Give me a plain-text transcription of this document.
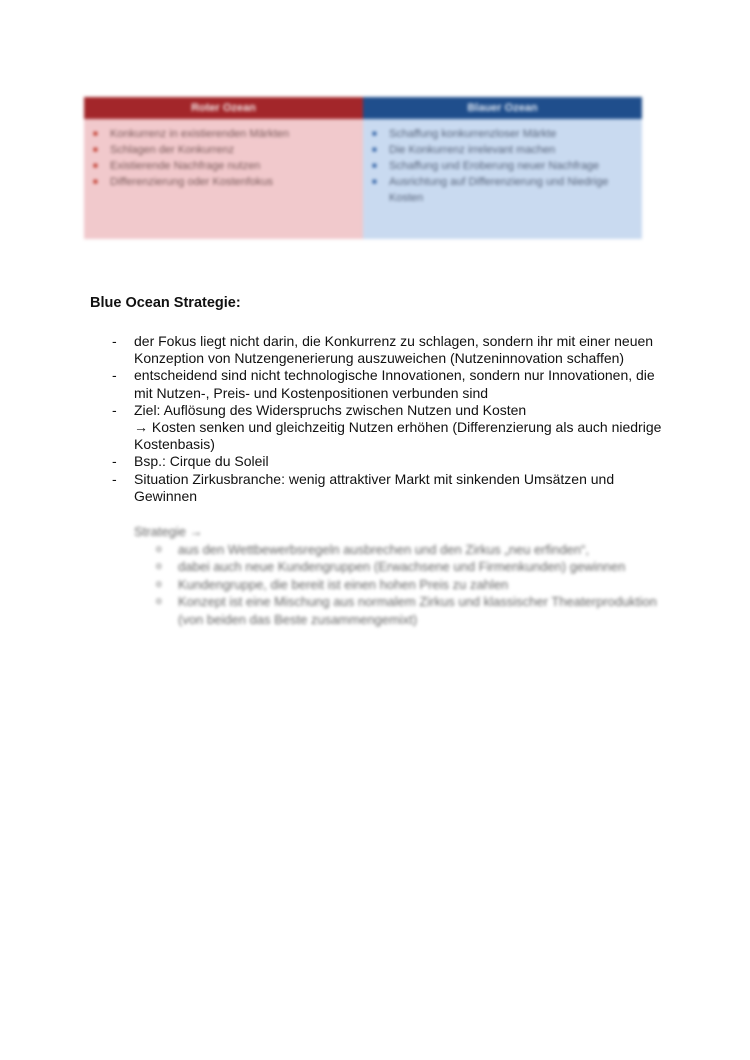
Roter Ozean
■ Konkurrenz in existierenden Märkten
■ Schlagen der Konkurrenz
■ Existierende Nachfrage nutzen
■ Differenzierung oder Kostenfokus
Blauer Ozean
■ Schaffung konkurrenzloser Märkte
■ Die Konkurrenz irrelevant machen
■ Schaffung und Eroberung neuer Nachfrage
■ Ausrichtung auf Differenzierung und Niedrige Kosten
Blue Ocean Strategie:
- der Fokus liegt nicht darin, die Konkurrenz zu schlagen, sondern ihr mit einer neuen Konzeption von Nutzengenerierung auszuweichen (Nutzeninnovation schaffen)
- entscheidend sind nicht technologische Innovationen, sondern nur Innovationen, die mit Nutzen-, Preis- und Kostenpositionen verbunden sind
- Ziel: Auflösung des Widerspruchs zwischen Nutzen und Kosten
→ Kosten senken und gleichzeitig Nutzen erhöhen (Differenzierung als auch niedrige Kostenbasis)
- Bsp.: Cirque du Soleil
- Situation Zirkusbranche: wenig attraktiver Markt mit sinkenden Umsätzen und Gewinnen
Strategie →
o aus den Wettbewerbsregeln ausbrechen und den Zirkus „neu erfinden“,
o dabei auch neue Kundengruppen (Erwachsene und Firmenkunden) gewinnen
o Kundengruppe, die bereit ist einen hohen Preis zu zahlen
o Konzept ist eine Mischung aus normalem Zirkus und klassischer Theaterproduktion (von beiden das Beste zusammengemixt)
